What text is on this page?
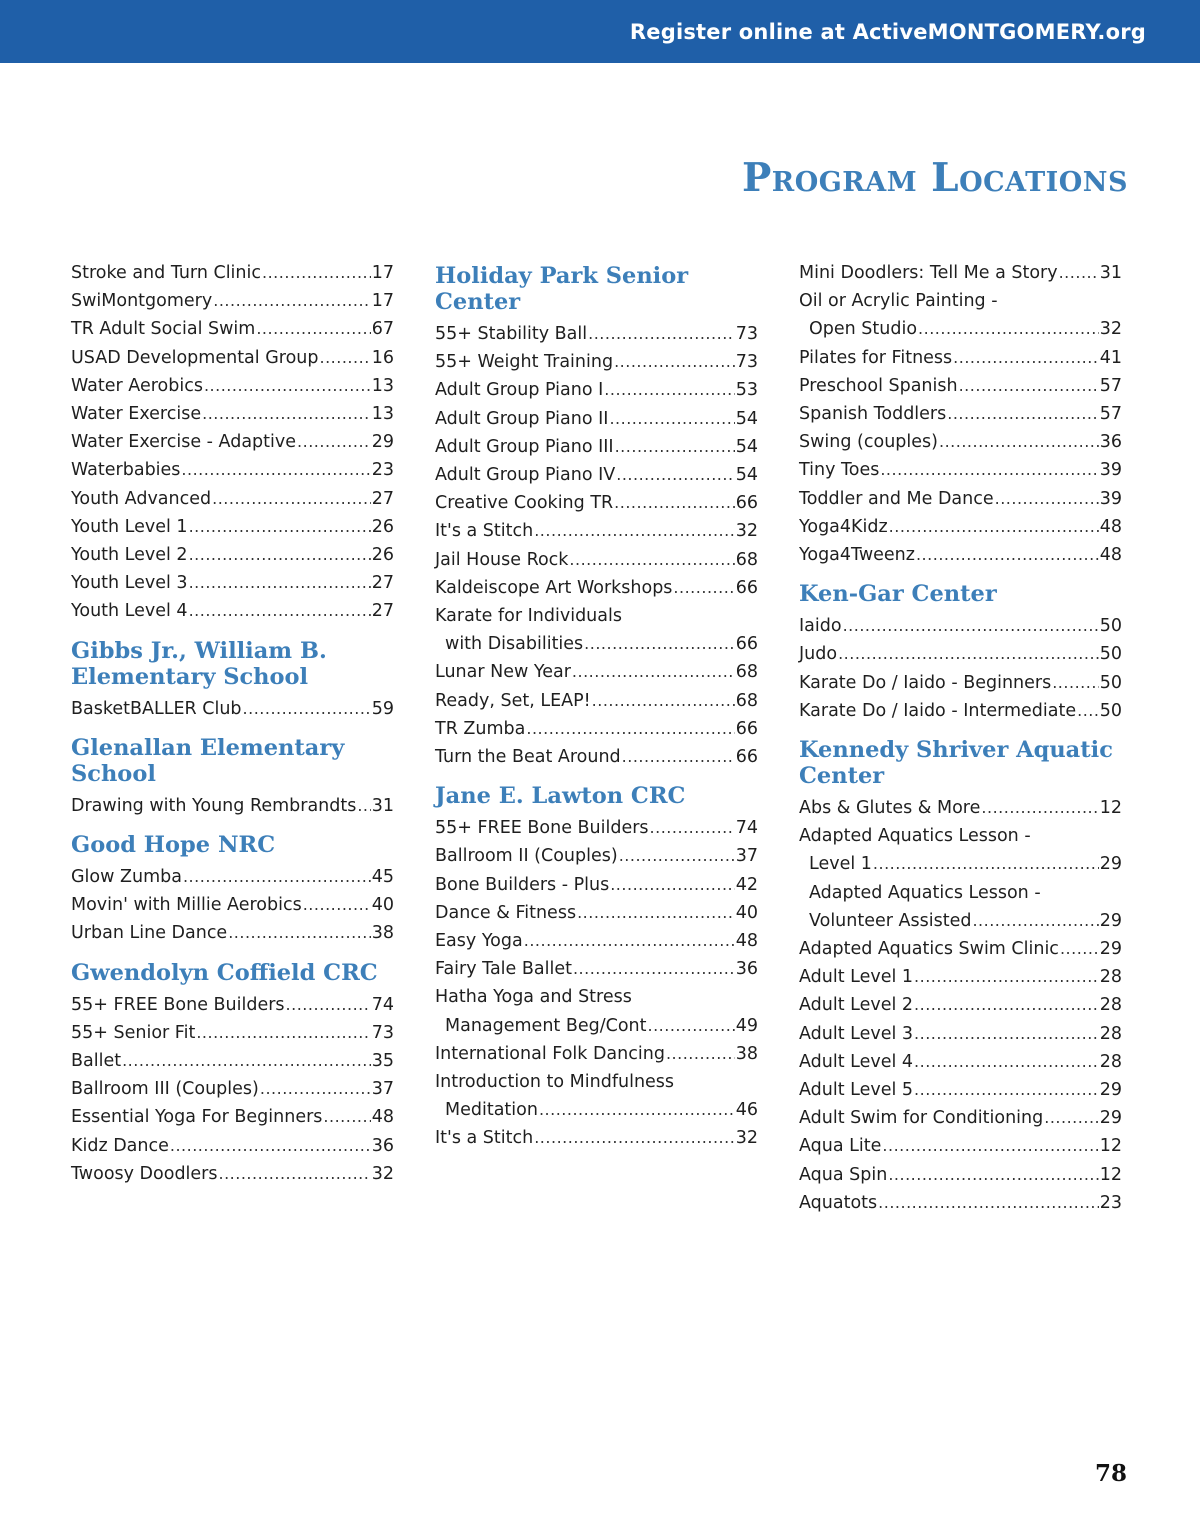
Register online at ActiveMONTGOMERY.org
Program Locations
Stroke and Turn Clinic .....	17
SwiMontgomery .....	17
TR Adult Social Swim .....	67
USAD Developmental Group .....	16
Water Aerobics .....	13
Water Exercise .....	13
Water Exercise - Adaptive .....	29
Waterbabies .....	23
Youth Advanced .....	27
Youth Level 1 .....	26
Youth Level 2 .....	26
Youth Level 3 .....	27
Youth Level 4 .....	27
Gibbs Jr., William B.
Elementary School
BasketBALLER Club .....	59
Glenallan Elementary
School
Drawing with Young Rembrandts ..... 31
Good Hope NRC
Glow Zumba .....	45
Movin' with Millie Aerobics .....	40
Urban Line Dance .....	38
Gwendolyn Coffield CRC
55+ FREE Bone Builders .....	74
55+ Senior Fit .....	73
Ballet .....	35
Ballroom III (Couples) .....	37
Essential Yoga For Beginners .....	48
Kidz Dance .....	36
Twoosy Doodlers .....	32
Holiday Park Senior Center
55+ Stability Ball .....	73
55+ Weight Training .....	73
Adult Group Piano I .....	53
Adult Group Piano II .....	54
Adult Group Piano III .....	54
Adult Group Piano IV .....	54
Creative Cooking TR .....	66
It's a Stitch .....	32
Jail House Rock .....	68
Kaldeiscope Art Workshops .....	66
Karate for Individuals
with Disabilities .....	66
Lunar New Year .....	68
Ready, Set, LEAP! .....	68
TR Zumba .....	66
Turn the Beat Around .....	66
Jane E. Lawton CRC
55+ FREE Bone Builders .....	74
Ballroom II (Couples) .....	37
Bone Builders - Plus .....	42
Dance & Fitness .....	40
Easy Yoga .....	48
Fairy Tale Ballet .....	36
Hatha Yoga and Stress
Management Beg/Cont .....	49
International Folk Dancing .....	38
Introduction to Mindfulness
Meditation .....	46
It's a Stitch .....	32
Mini Doodlers: Tell Me a Story ..... 31
Oil or Acrylic Painting -
Open Studio .....	32
Pilates for Fitness .....	41
Preschool Spanish .....	57
Spanish Toddlers .....	57
Swing (couples) .....	36
Tiny Toes .....	39
Toddler and Me Dance .....	39
Yoga4Kidz .....	48
Yoga4Tweenz .....	48
Ken-Gar Center
Iaido .....	50
Judo .....	50
Karate Do / Iaido - Beginners .....	50
Karate Do / Iaido - Intermediate ..... 50
Kennedy Shriver Aquatic
Center
Abs & Glutes & More .....	12
Adapted Aquatics Lesson -
Level 1 .....	29
Adapted Aquatics Lesson -
Volunteer Assisted .....	29
Adapted Aquatics Swim Clinic ..... 29
Adult Level 1 .....	28
Adult Level 2 .....	28
Adult Level 3 .....	28
Adult Level 4 .....	28
Adult Level 5 .....	29
Adult Swim for Conditioning .....	29
Aqua Lite .....	12
Aqua Spin .....	12
Aquatots .....	23
78
